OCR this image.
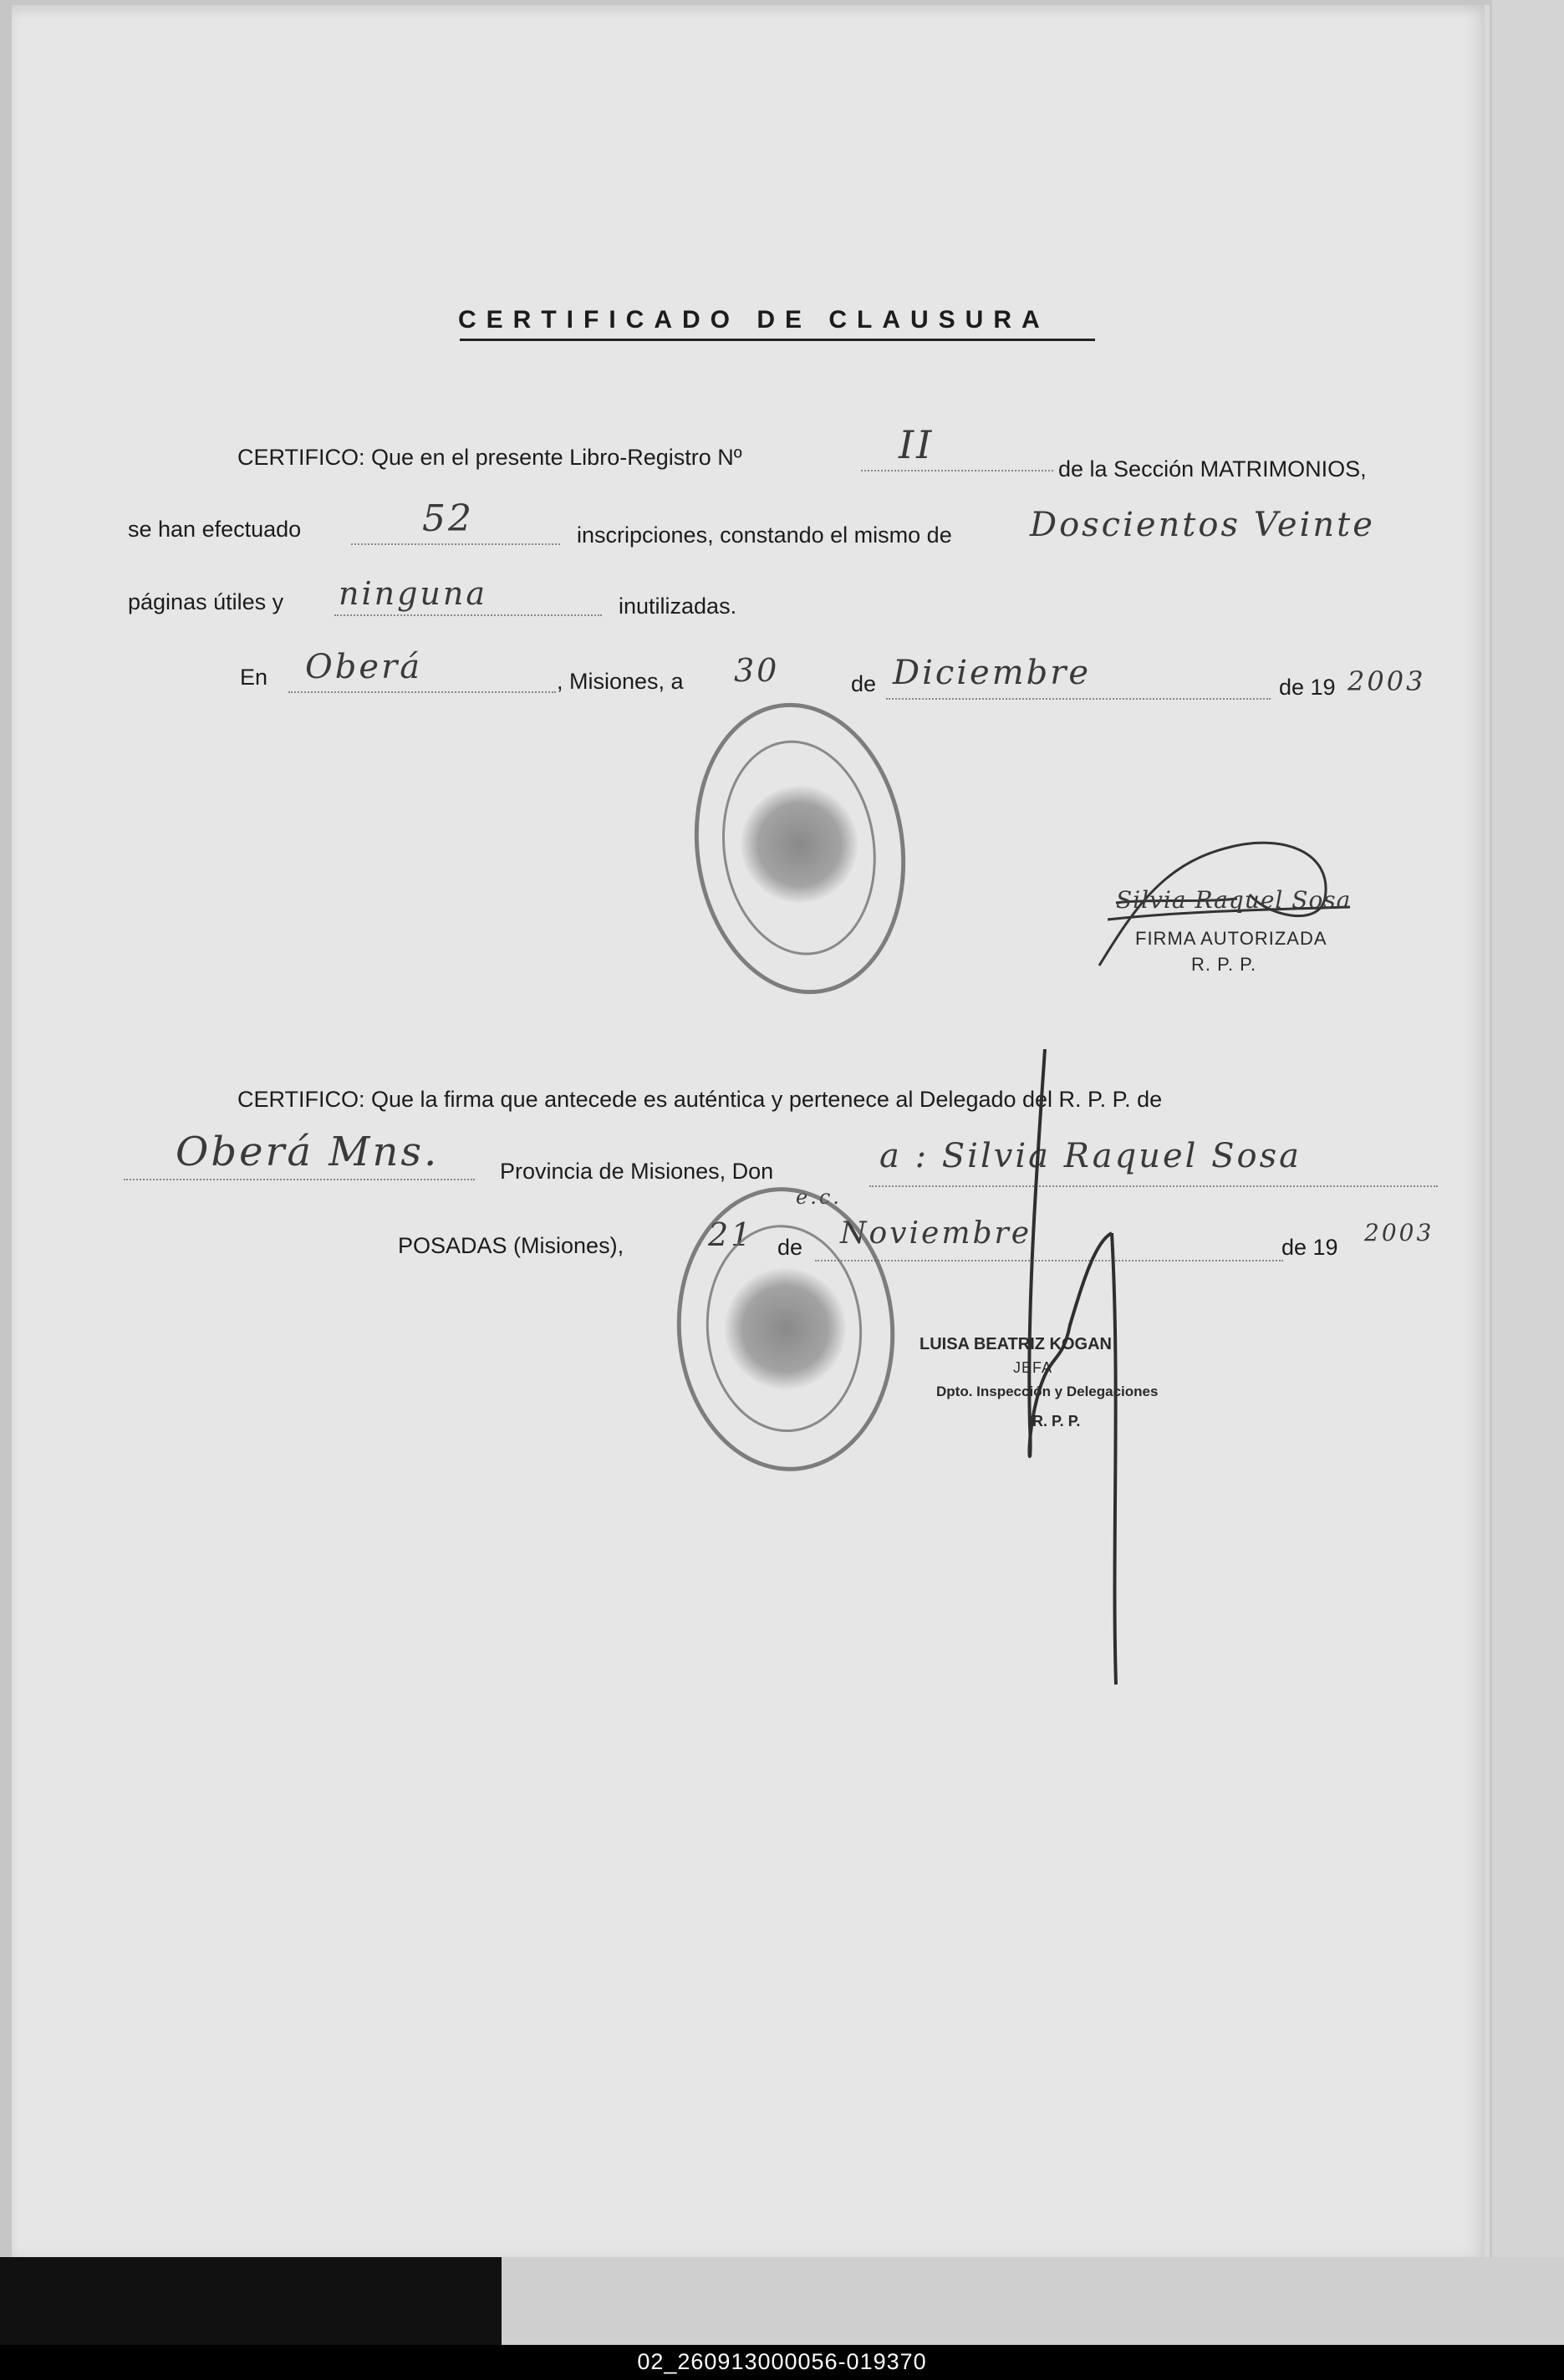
CERTIFICADO DE CLAUSURA
CERTIFICO: Que en el presente Libro-Registro Nº	II
de la Sección MATRIMONIOS,
se han efectuado	52	inscripciones, constando el mismo de Doscientos Veinte
páginas útiles y ninguna	inutilizadas.
En Oberá	, Misiones, a 30	de Diciembre	de 19 2003
Silvia Raquel Sosa
FIRMA AUTORIZADA
R. P. P.
CERTIFICO: Que la firma que antecede es auténtica y pertenece al Delegado del R. P. P. de
Oberá Mns.	Provincia de Misiones, Don	a : Silvia Raquel Sosa
e.c.
POSADAS (Misiones),	21 de Noviembre	de 19
2003
LUISA BEATRIZ KOGAN
JEFA
Dpto. Inspección y Delegaciones
R. P. P.
02_260913000056-019370
